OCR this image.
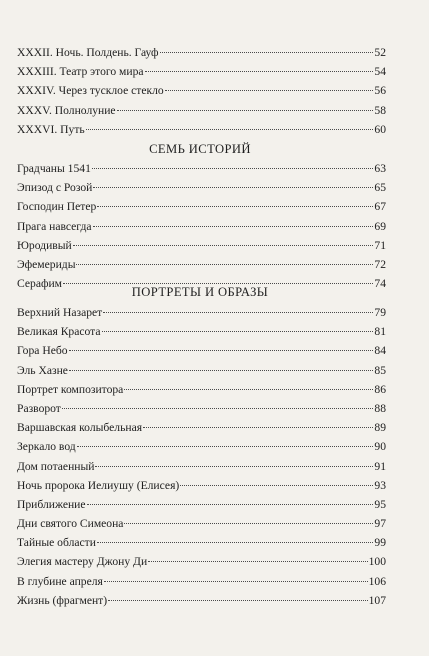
XXXII. Ночь. Полдень. Гауф	52
XXXIII. Театр этого мира	54
XXXIV. Через тусклое стекло	56
XXXV. Полнолуние	58
XXXVI. Путь	60
СЕМЬ ИСТОРИЙ
Градчаны 1541	63
Эпизод с Розой	65
Господин Петер	67
Прага навсегда	69
Юродивый	71
Эфемериды	72
Серафим	74
ПОРТРЕТЫ И ОБРАЗЫ
Верхний Назарет	79
Великая Красота	81
Гора Небо	84
Эль Хазне	85
Портрет композитора	86
Разворот	88
Варшавская колыбельная	89
Зеркало вод	90
Дом потаенный	91
Ночь пророка Иелиушу (Елисея)	93
Приближение	95
Дни святого Симеона	97
Тайные области	99
Элегия мастеру Джону Ди	100
В глубине апреля	106
Жизнь (фрагмент)	107
